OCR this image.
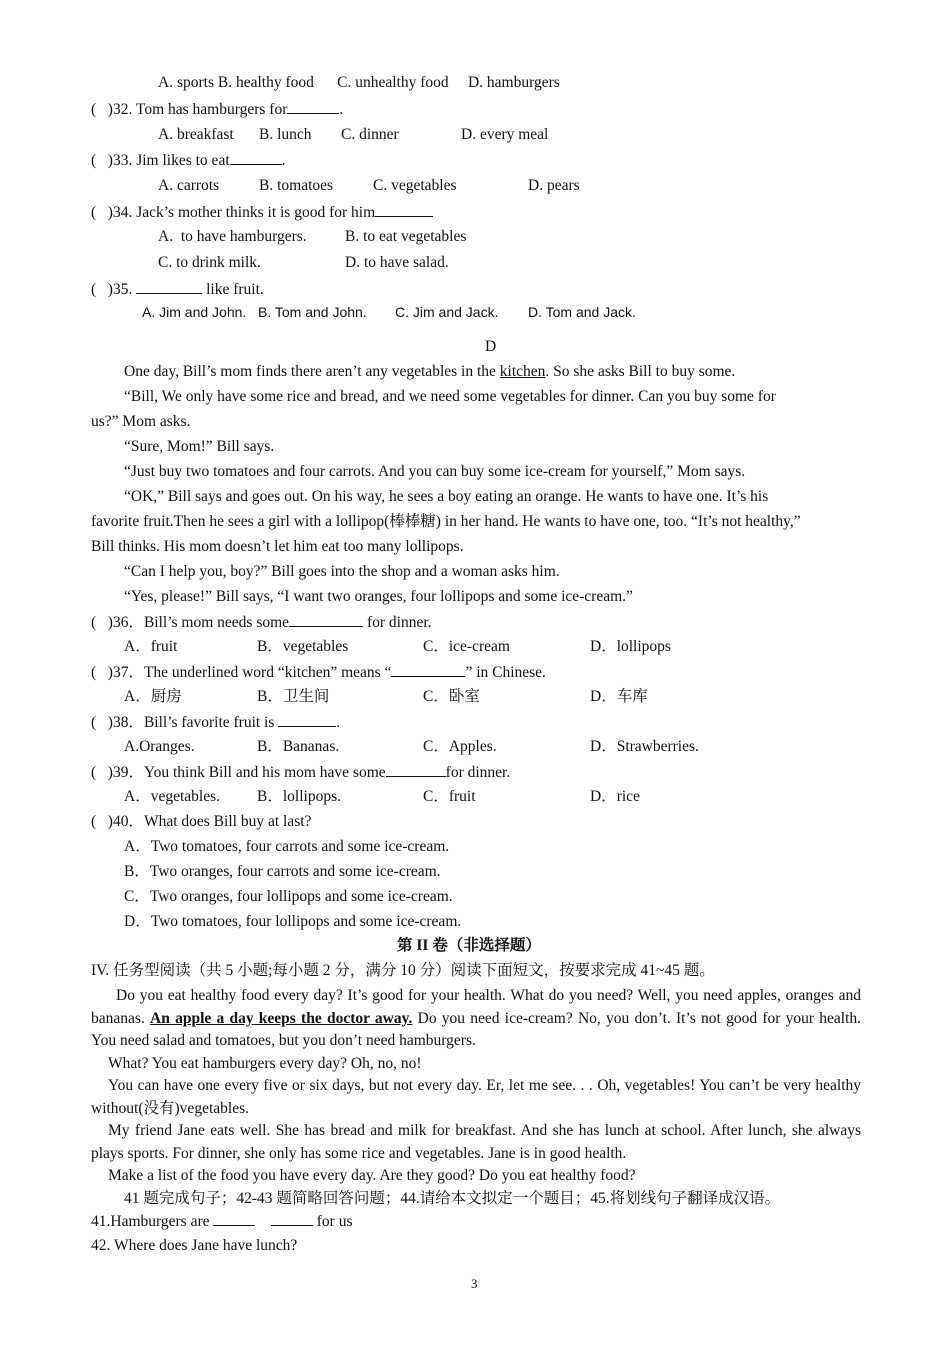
A. sports B. healthy food C. unhealthy food D. hamburgers
( )32. Tom has hamburgers for	.
A. breakfast B. lunch C. dinner	D. every meal
( )33. Jim likes to eat	.
A. carrots	B. tomatoes	C. vegetables	D. pears
( )34. Jack’s mother thinks it is good for him
A.  to have hamburgers. B. to eat vegetables
C. to drink milk.	D. to have salad.
( )35.	like fruit.
A. Jim and John. B. Tom and John. C. Jim and Jack. D. Tom and Jack.
D
One day, Bill’s mom finds there aren’t any vegetables in the kitchen. So she asks Bill to buy some.
“Bill, We only have some rice and bread, and we need some vegetables for dinner. Can you buy some for
us?” Mom asks.
“Sure, Mom!” Bill says.
“Just buy two tomatoes and four carrots. And you can buy some ice‑cream for yourself,” Mom says.
“OK,” Bill says and goes out. On his way, he sees a boy eating an orange. He wants to have one. It’s his
favorite fruit.Then he sees a girl with a lollipop(棒棒糖) in her hand. He wants to have one, too. “It’s not healthy,”
Bill thinks. His mom doesn’t let him eat too many lollipops.
“Can I help you, boy?” Bill goes into the shop and a woman asks him.
“Yes, please!” Bill says, “I want two oranges, four lollipops and some ice‑cream.”
( )36．Bill’s mom needs some	for dinner.
A．fruit	B．vegetables	C．ice‑cream	D．lollipops
( )37．The underlined word “kitchen” means “	” in Chinese.
A．厨房	B．卫生间	C．卧室	D．车库
( )38．Bill’s favorite fruit is	.
A.Oranges.	B．Bananas.	C．Apples.	D．Strawberries.
( )39．You think Bill and his mom have some	for dinner.
A．vegetables. B．lollipops.	C．fruit	D．rice
( )40．What does Bill buy at last?
A．Two tomatoes, four carrots and some ice‑cream.
B．Two oranges, four carrots and some ice‑cream.
C．Two oranges, four lollipops and some ice‑cream.
D．Two tomatoes, four lollipops and some ice‑cream.
第 II 卷（非选择题）
IV. 任务型阅读（共 5 小题;每小题 2 分，满分 10 分）阅读下面短文，按要求完成 41~45 题。
Do you eat healthy food every day? It’s good for your health. What do you need? Well, you need apples, oranges and bananas. An apple a day keeps the doctor away. Do you need ice-cream? No, you don’t. It’s not good for your health. You need salad and tomatoes, but you don’t need hamburgers.
What? You eat hamburgers every day? Oh, no, no!
You can have one every five or six days, but not every day. Er, let me see. . . Oh, vegetables! You can’t be very healthy without(没有)vegetables.
My friend Jane eats well. She has bread and milk for breakfast. And she has lunch at school. After lunch, she always plays sports. For dinner, she only has some rice and vegetables. Jane is in good health.
Make a list of the food you have every day. Are they good? Do you eat healthy food?
41 题完成句子；42-43 题简略回答问题；44.请给本文拟定一个题目；45.将划线句子翻译成汉语。
41.Hamburgers are	for us
42. Where does Jane have lunch?
3
